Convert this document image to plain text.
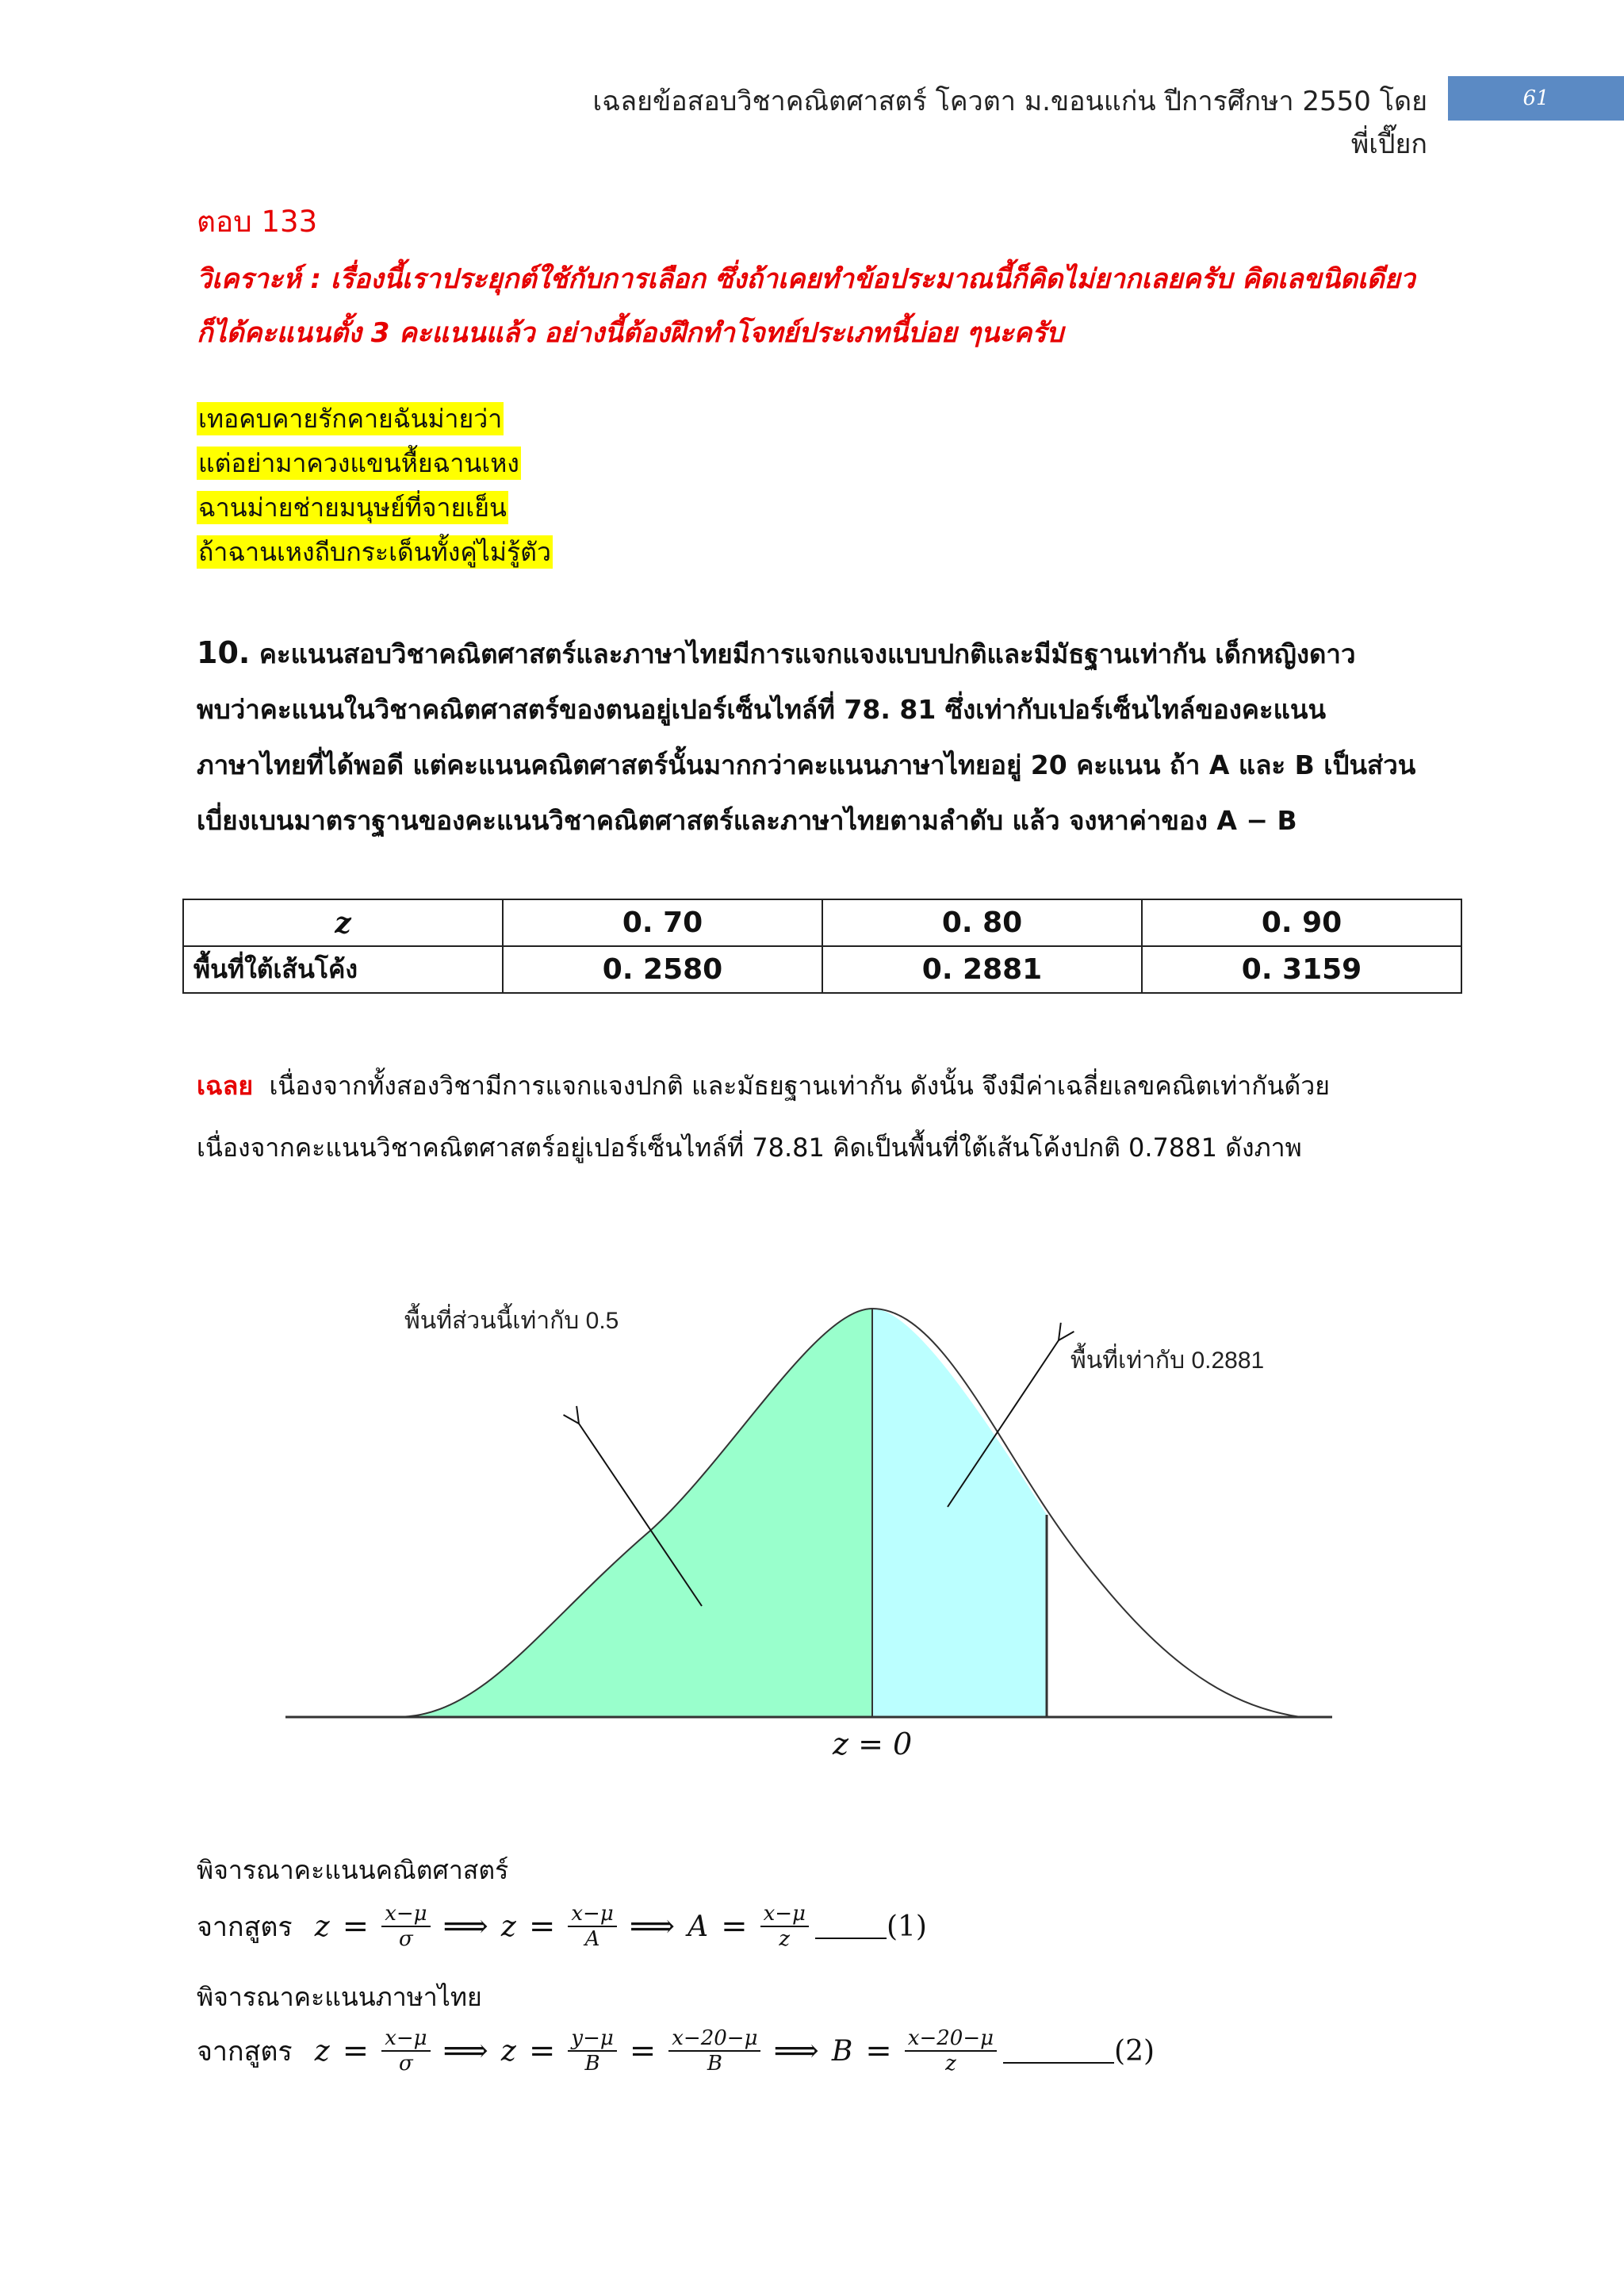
เฉลยข้อสอบวิชาคณิตศาสตร์ โควตา ม.ขอนแก่น ปีการศึกษา 2550 โดย พี่เปี๊ยก
61
ตอบ 133
วิเคราะห์ : เรื่องนี้เราประยุกต์ใช้กับการเลือก ซึ่งถ้าเคยทำข้อประมาณนี้ก็คิดไม่ยากเลยครับ คิดเลขนิดเดียว
ก็ได้คะแนนตั้ง 3 คะแนนแล้ว อย่างนี้ต้องฝึกทำโจทย์ประเภทนี้บ่อย ๆนะครับ
เทอคบคายรักคายฉันม่ายว่า
แต่อย่ามาควงแขนหื้ยฉานเหง
ฉานม่ายช่ายมนุษย์ที่จายเย็น
ถ้าฉานเหงถีบกระเด็นทั้งคู่ไม่รู้ตัว
10. คะแนนสอบวิชาคณิตศาสตร์และภาษาไทยมีการแจกแจงแบบปกติและมีมัธฐานเท่ากัน เด็กหญิงดาว
พบว่าคะแนนในวิชาคณิตศาสตร์ของตนอยู่เปอร์เซ็นไทล์ที่ 78. 81 ซึ่งเท่ากับเปอร์เซ็นไทล์ของคะแนน
ภาษาไทยที่ได้พอดี แต่คะแนนคณิตศาสตร์นั้นมากกว่าคะแนนภาษาไทยอยู่ 20 คะแนน ถ้า A และ B เป็นส่วน
เบี่ยงเบนมาตราฐานของคะแนนวิชาคณิตศาสตร์และภาษาไทยตามลำดับ แล้ว จงหาค่าของ A − B
z	0. 70	0. 80	0. 90
พื้นที่ใต้เส้นโค้ง	0. 2580	0. 2881	0. 3159
เฉลย เนื่องจากทั้งสองวิชามีการแจกแจงปกติ และมัธยฐานเท่ากัน ดังนั้น จึงมีค่าเฉลี่ยเลขคณิตเท่ากันด้วย
เนื่องจากคะแนนวิชาคณิตศาสตร์อยู่เปอร์เซ็นไทล์ที่ 78.81 คิดเป็นพื้นที่ใต้เส้นโค้งปกติ 0.7881 ดังภาพ
พื้นที่ส่วนนี้เท่ากับ 0.5
พื้นที่เท่ากับ 0.2881
z = 0
พิจารณาคะแนนคณิตศาสตร์
จากสูตร $z = \frac{x-\mu}{\sigma}$ ⟹ $z = \frac{x-\mu}{A}$ ⟹ $A = \frac{x-\mu}{z}$	(1)
พิจารณาคะแนนภาษาไทย
จากสูตร $z = \frac{x-\mu}{\sigma}$ ⟹ $z = \frac{y-\mu}{B} = \frac{x-20-\mu}{B}$ ⟹ $B = \frac{x-20-\mu}{z}$	(2)
